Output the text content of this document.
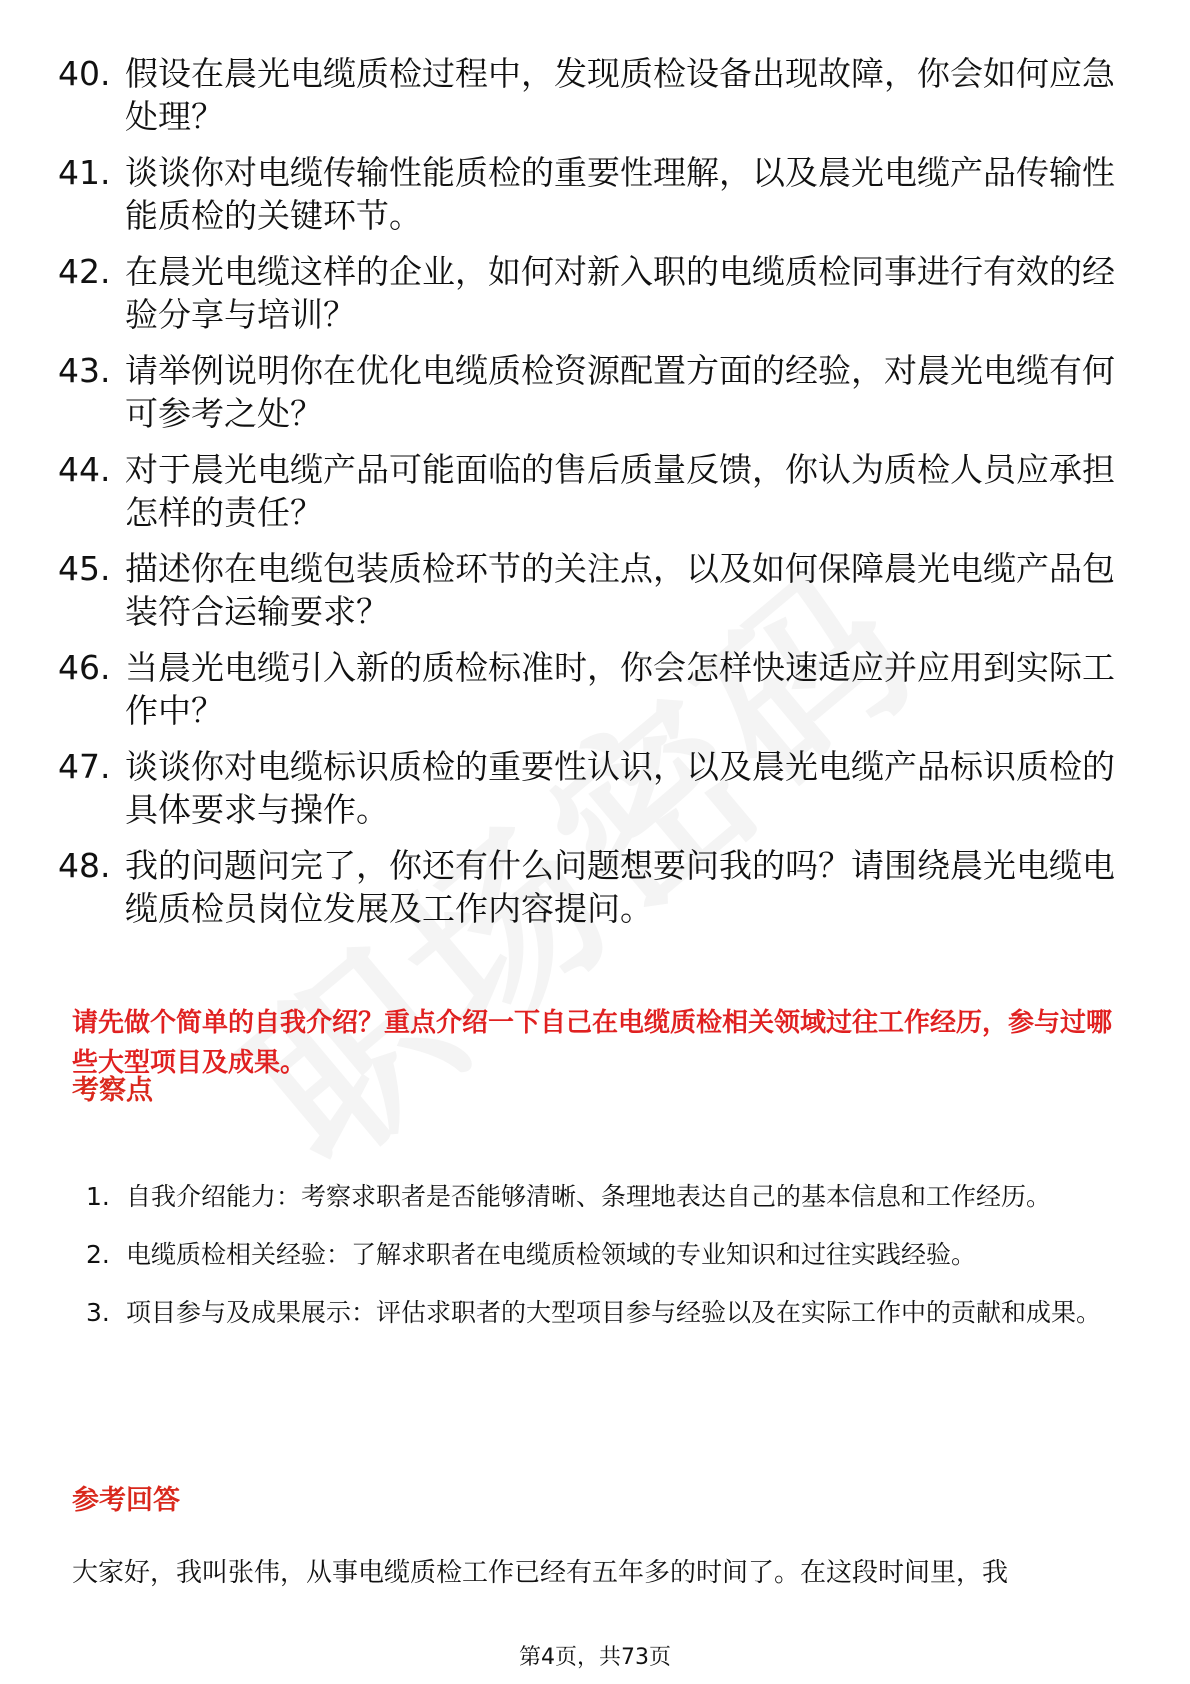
40. 假设在晨光电缆质检过程中，发现质检设备出现故障，你会如何应急处理？
41. 谈谈你对电缆传输性能质检的重要性理解，以及晨光电缆产品传输性能质检的关键环节。
42. 在晨光电缆这样的企业，如何对新入职的电缆质检同事进行有效的经验分享与培训？
43. 请举例说明你在优化电缆质检资源配置方面的经验，对晨光电缆有何可参考之处？
44. 对于晨光电缆产品可能面临的售后质量反馈，你认为质检人员应承担怎样的责任？
45. 描述你在电缆包装质检环节的关注点，以及如何保障晨光电缆产品包装符合运输要求？
46. 当晨光电缆引入新的质检标准时，你会怎样快速适应并应用到实际工作中？
47. 谈谈你对电缆标识质检的重要性认识，以及晨光电缆产品标识质检的具体要求与操作。
48. 我的问题问完了，你还有什么问题想要问我的吗？请围绕晨光电缆电缆质检员岗位发展及工作内容提问。
请先做个简单的自我介绍？重点介绍一下自己在电缆质检相关领域过往工作经历，参与过哪些大型项目及成果。
考察点
1. 自我介绍能力：考察求职者是否能够清晰、条理地表达自己的基本信息和工作经历。
2. 电缆质检相关经验：了解求职者在电缆质检领域的专业知识和过往实践经验。
3. 项目参与及成果展示：评估求职者的大型项目参与经验以及在实际工作中的贡献和成果。
参考回答
大家好，我叫张伟，从事电缆质检工作已经有五年多的时间了。在这段时间里，我
第4页，共73页
